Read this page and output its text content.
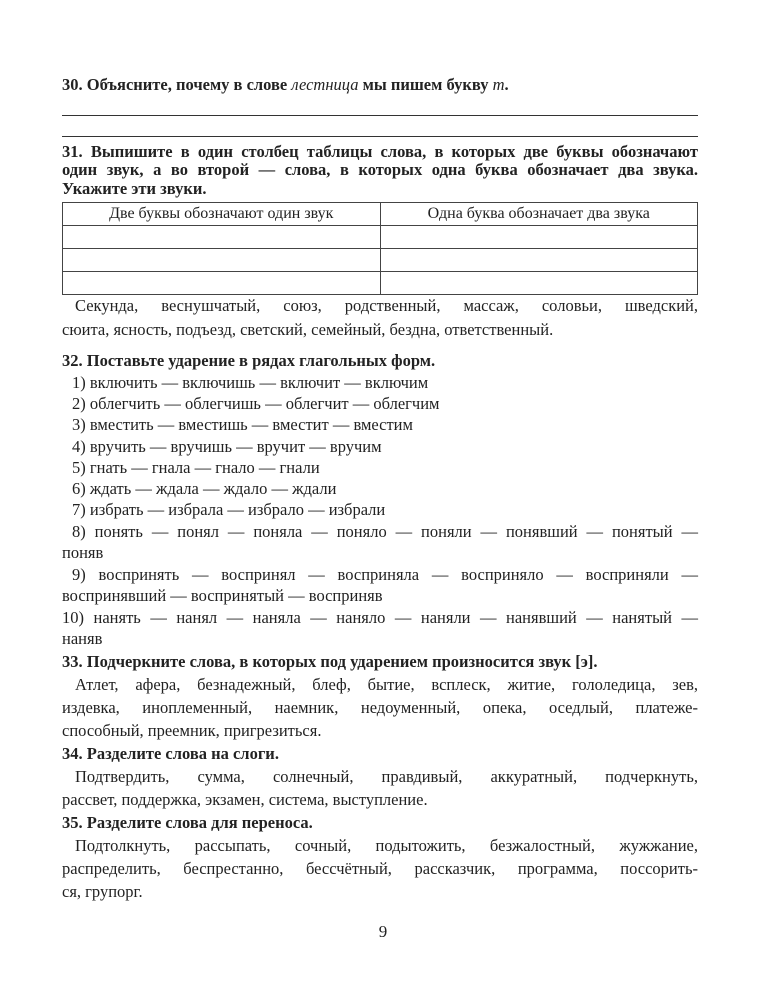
30. Объясните, почему в слове лестница мы пишем букву т.
31. Выпишите в один столбец таблицы слова, в которых две буквы обозначают
один звук, а во второй — слова, в которых одна буква обозначает два звука.
Укажите эти звуки.
Две буквы обозначают один звук	Одна буква обозначает два звука

Секунда, веснушчатый, союз, родственный, массаж, соловьи, шведский,
сюита, ясность, подъезд, светский, семейный, бездна, ответственный.
32. Поставьте ударение в рядах глагольных форм.
1) включить — включишь — включит — включим
2) облегчить — облегчишь — облегчит — облегчим
3) вместить — вместишь — вместит — вместим
4) вручить — вручишь — вручит — вручим
5) гнать — гнала — гнало — гнали
6) ждать — ждала — ждало — ждали
7) избрать — избрала — избрало — избрали
8) понять — понял — поняла — поняло — поняли — понявший — понятый —
поняв
9) воспринять — воспринял — восприняла — восприняло — восприняли —
воспринявший — воспринятый — восприняв
10) нанять — нанял — наняла — наняло — наняли — нанявший — нанятый —
наняв
33. Подчеркните слова, в которых под ударением произносится звук [э].
Атлет, афера, безнадежный, блеф, бытие, всплеск, житие, гололедица, зев,
издевка, иноплеменный, наемник, недоуменный, опека, оседлый, платеже-
способный, преемник, пригрезиться.
34. Разделите слова на слоги.
Подтвердить, сумма, солнечный, правдивый, аккуратный, подчеркнуть,
рассвет, поддержка, экзамен, система, выступление.
35. Разделите слова для переноса.
Подтолкнуть, рассыпать, сочный, подытожить, безжалостный, жужжание,
распределить, беспрестанно, бессчётный, рассказчик, программа, поссорить-
ся, групорг.
9
